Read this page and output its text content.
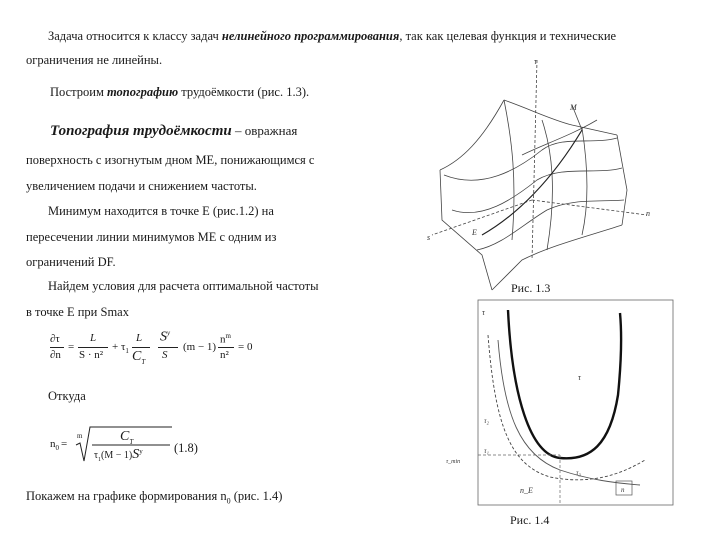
Задача относится к классу задач нелинейного программирования, так как целевая функция и технические
ограничения не линейны.
Построим топографию трудоёмкости (рис. 1.3).
Топография трудоёмкости – овражная
поверхность с изогнутым дном ME, понижающимся с
увеличением подачи и снижением частоты.
Минимум находится в точке E (рис.1.2) на
пересечении линии минимумов ME с одним из
ограничений DF.
Найдем условия для расчета оптимальной частоты
в точке E при Smax
∂τ
∂n
=
L
S · n²
+ $\tau_1$
L
$C_T$
$S^y$
S
(m − 1)
$n^m$
n²
= 0
Откуда
$n_0$ =
m	$C_T$
$\tau_1(M - 1)S^y$	(1.8)
Покажем на графике формирования $n_0$ (рис. 1.4)
τ
M
n
s
E
Рис. 1.3
τ
τ
τ₂
τ₁
τ₃
τ_min
n_E	n
Рис. 1.4
